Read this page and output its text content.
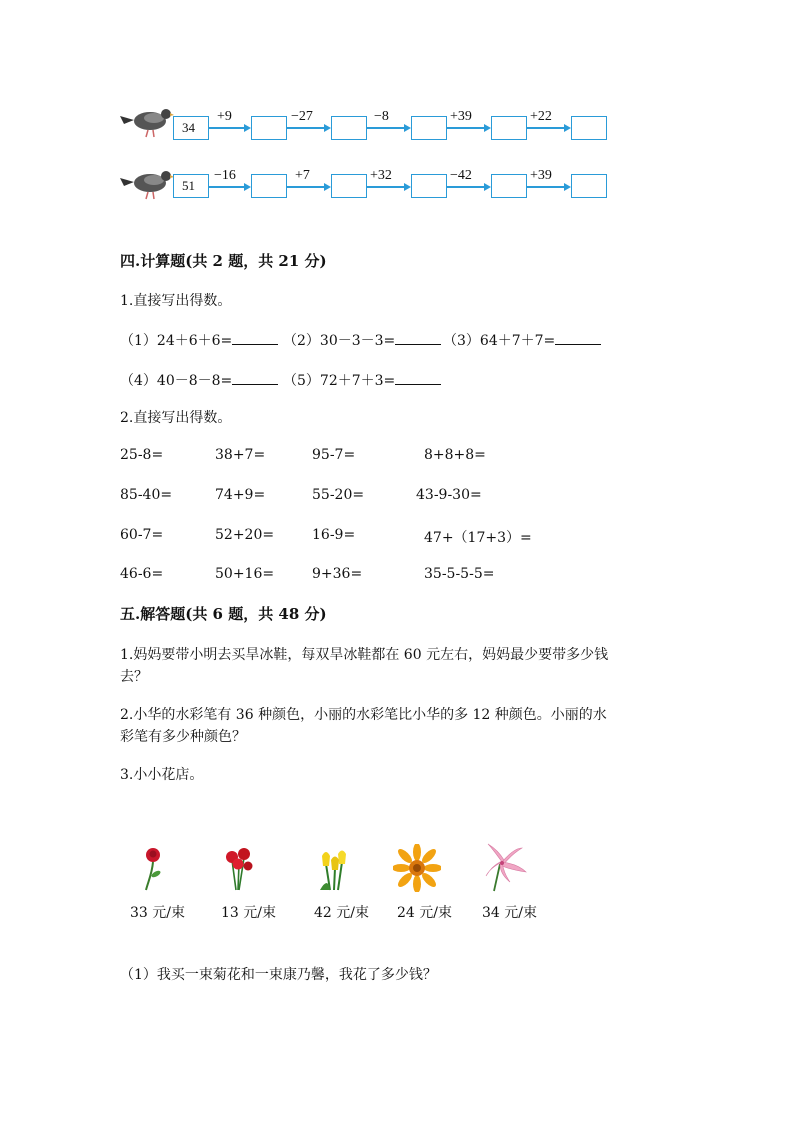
34
+9	−27	−8	+39	+22
51
−16	+7	+32	−42	+39
四.计算题(共 2 题，共 21 分)
1.直接写出得数。
（1）24＋6＋6=	（2）30－3－3=	（3）64＋7＋7=
（4）40－8－8=	（5）72＋7＋3=
2.直接写出得数。
25-8=	38+7=	95-7=	8+8+8=
85-40=	74+9=	55-20=	43-9-30=
60-7=	52+20=	16-9=	47+（17+3）=
46-6=	50+16=	9+36=	35-5-5-5=
五.解答题(共 6 题，共 48 分)
1.妈妈要带小明去买旱冰鞋，每双旱冰鞋都在 60 元左右，妈妈最少要带多少钱
去？
2.小华的水彩笔有 36 种颜色，小丽的水彩笔比小华的多 12 种颜色。小丽的水
彩笔有多少种颜色？
3.小小花店。
33 元/束	13 元/束	42 元/束 24 元/束 34 元/束
（1）我买一束菊花和一束康乃馨，我花了多少钱？
